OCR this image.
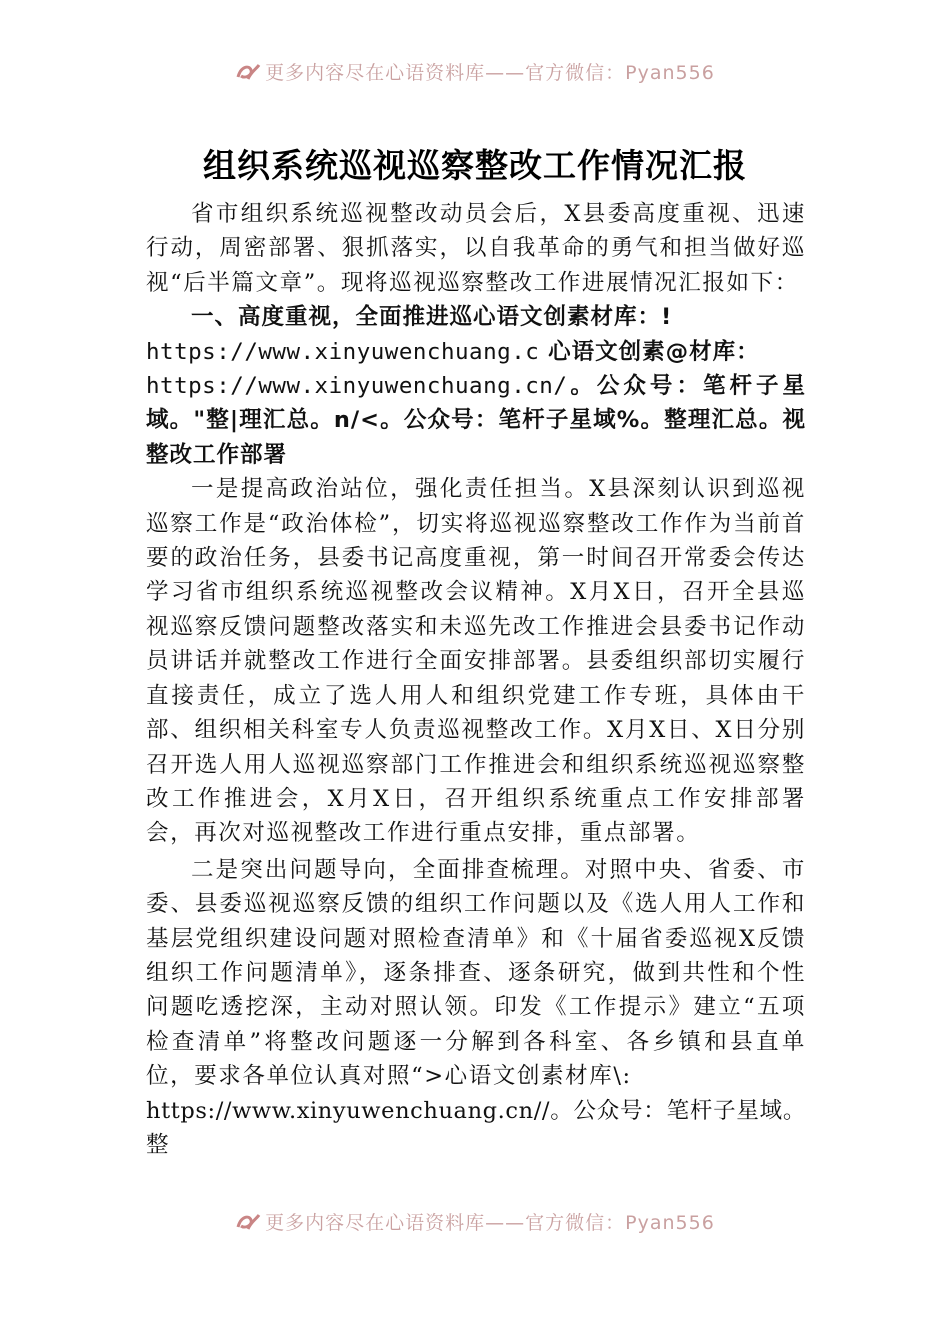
更多内容尽在心语资料库——官方微信：Pyan556
组织系统巡视巡察整改工作情况汇报

省市组织系统巡视整改动员会后，X县委高度重视、迅速行动，周密部署、狠抓落实，以自我革命的勇气和担当做好巡视“后半篇文章”。现将巡视巡察整改工作进展情况汇报如下：

一、高度重视，全面推进巡心语文创素材库：!
https://www.xinyuwenchuang.c 心语文创素@材库：
https://www.xinyuwenchuang.cn/。公众号：笔杆子星域。"整|理汇总。n/<。公众号：笔杆子星域%。整理汇总。视整改工作部署

一是提高政治站位，强化责任担当。X县深刻认识到巡视巡察工作是“政治体检”，切实将巡视巡察整改工作作为当前首要的政治任务，县委书记高度重视，第一时间召开常委会传达学习省市组织系统巡视整改会议精神。X月X日，召开全县巡视巡察反馈问题整改落实和未巡先改工作推进会县委书记作动员讲话并就整改工作进行全面安排部署。县委组织部切实履行直接责任，成立了选人用人和组织党建工作专班，具体由干部、组织相关科室专人负责巡视整改工作。X月X日、X日分别召开选人用人巡视巡察部门工作推进会和组织系统巡视巡察整改工作推进会，X月X日，召开组织系统重点工作安排部署会，再次对巡视整改工作进行重点安排，重点部署。

二是突出问题导向，全面排查梳理。对照中央、省委、市委、县委巡视巡察反馈的组织工作问题以及《选人用人工作和基层党组织建设问题对照检查清单》和《十届省委巡视X反馈组织工作问题清单》，逐条排查、逐条研究，做到共性和个性问题吃透挖深，主动对照认领。印发《工作提示》建立“五项检查清单”将整改问题逐一分解到各科室、各乡镇和县直单位，要求各单位认真对照“>心语文创素材库\:

https://www.xinyuwenchuang.cn//。公众号：笔杆子星域。整

更多内容尽在心语资料库——官方微信：Pyan556
